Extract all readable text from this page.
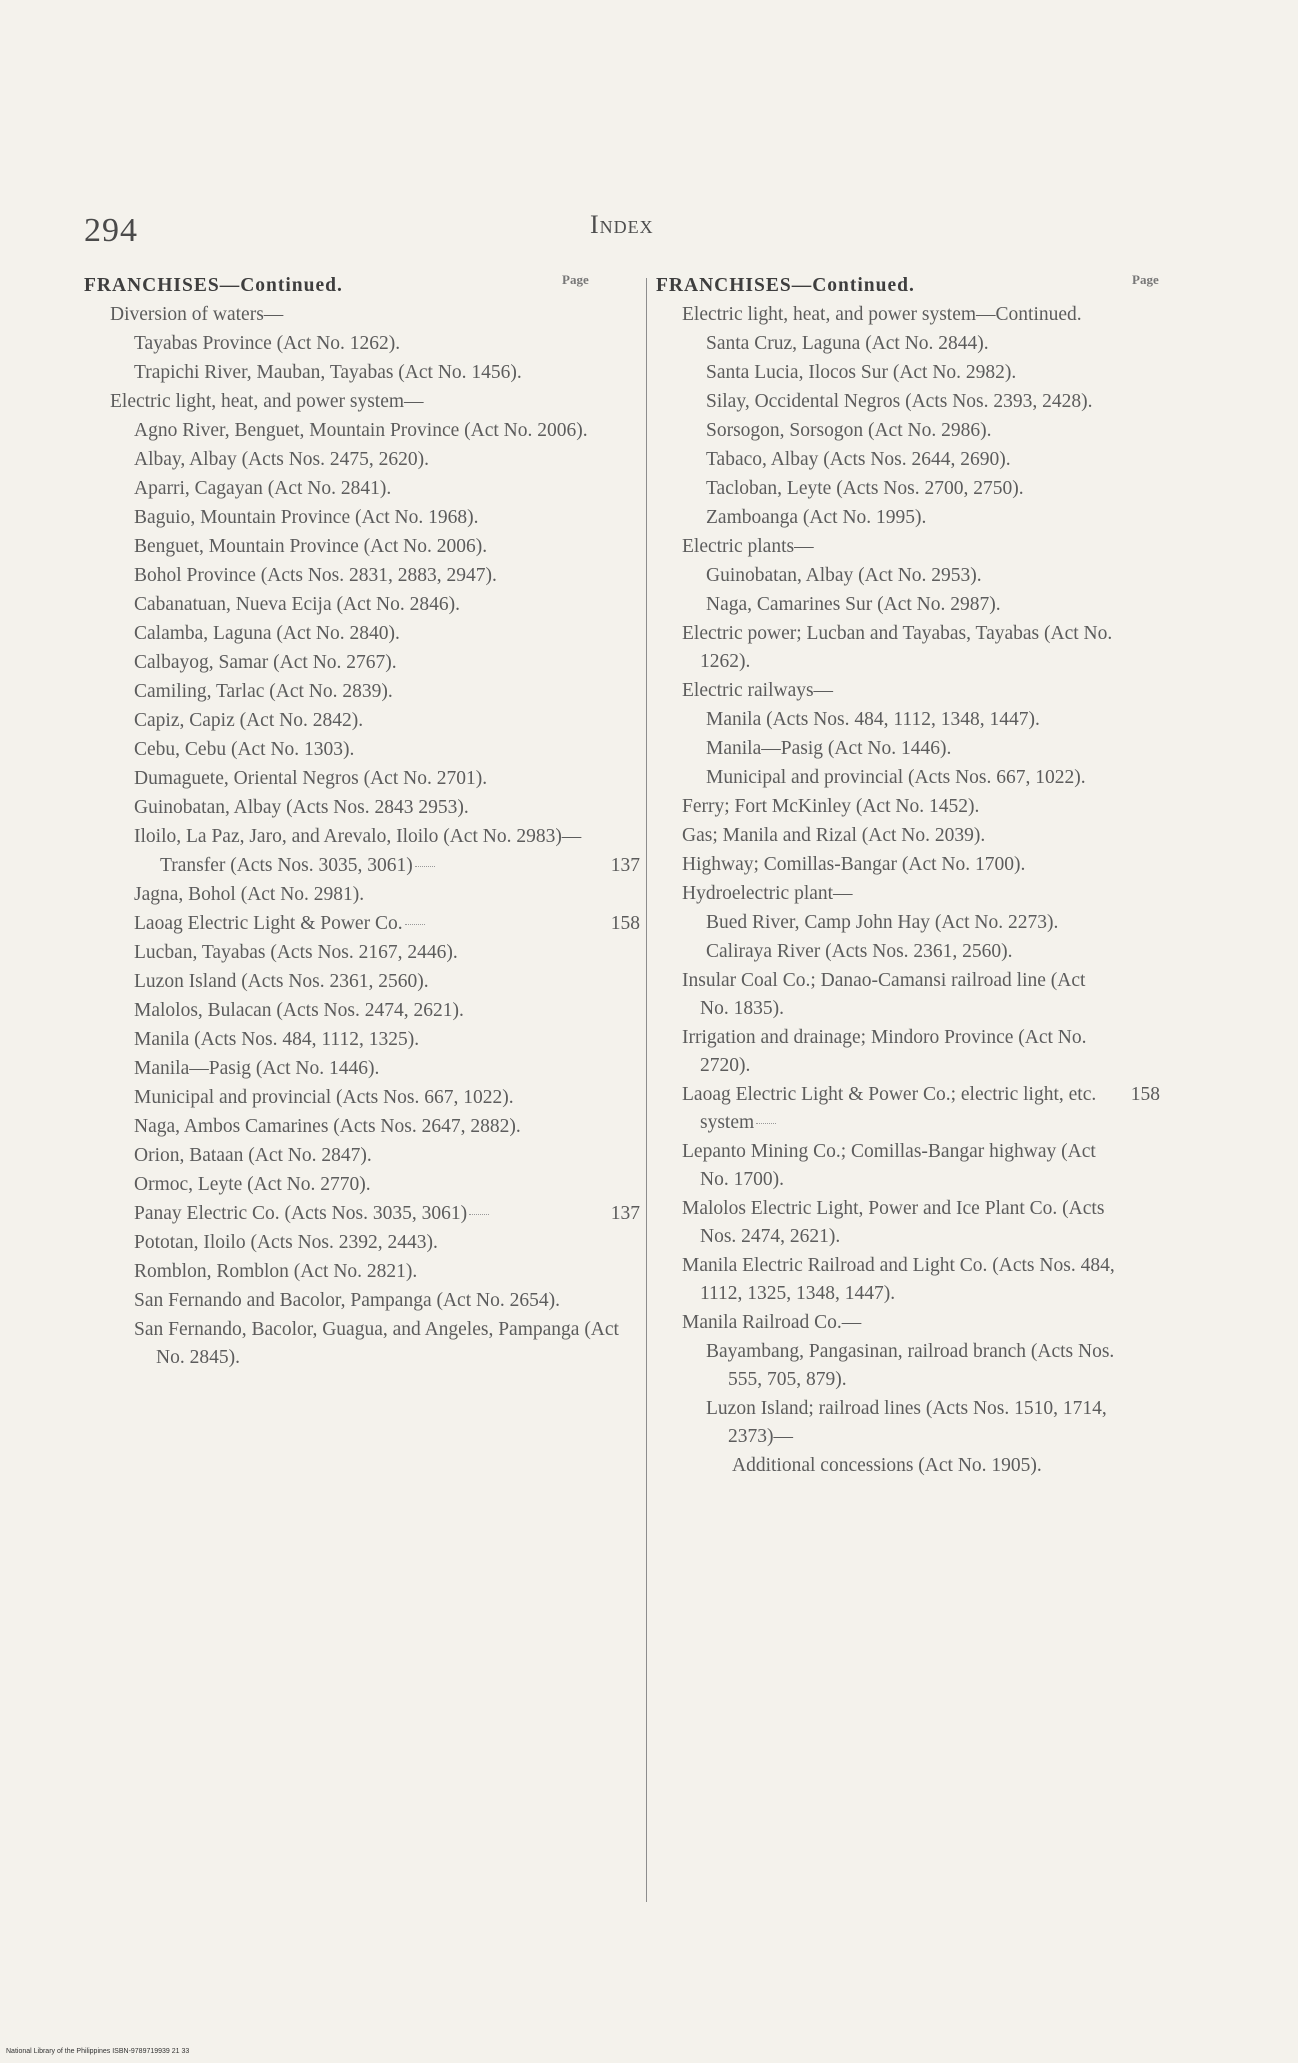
294	Index
Page	Page
FRANCHISES—Continued.
Diversion of waters—
Tayabas Province (Act No. 1262).
Trapichi River, Mauban, Tayabas (Act No. 1456).
Electric light, heat, and power system—
Agno River, Benguet, Mountain Province (Act No. 2006).
Albay, Albay (Acts Nos. 2475, 2620).
Aparri, Cagayan (Act No. 2841).
Baguio, Mountain Province (Act No. 1968).
Benguet, Mountain Province (Act No. 2006).
Bohol Province (Acts Nos. 2831, 2883, 2947).
Cabanatuan, Nueva Ecija (Act No. 2846).
Calamba, Laguna (Act No. 2840).
Calbayog, Samar (Act No. 2767).
Camiling, Tarlac (Act No. 2839).
Capiz, Capiz (Act No. 2842).
Cebu, Cebu (Act No. 1303).
Dumaguete, Oriental Negros (Act No. 2701).
Guinobatan, Albay (Acts Nos. 2843 2953).
Iloilo, La Paz, Jaro, and Arevalo, Iloilo (Act No. 2983)—
137
Transfer (Acts Nos. 3035, 3061)
Jagna, Bohol (Act No. 2981).
158
Laoag Electric Light & Power Co.
Lucban, Tayabas (Acts Nos. 2167, 2446).
Luzon Island (Acts Nos. 2361, 2560).
Malolos, Bulacan (Acts Nos. 2474, 2621).
Manila (Acts Nos. 484, 1112, 1325).
Manila—Pasig (Act No. 1446).
Municipal and provincial (Acts Nos. 667, 1022).
Naga, Ambos Camarines (Acts Nos. 2647, 2882).
Orion, Bataan (Act No. 2847).
Ormoc, Leyte (Act No. 2770).
137
Panay Electric Co. (Acts Nos. 3035, 3061)
Pototan, Iloilo (Acts Nos. 2392, 2443).
Romblon, Romblon (Act No. 2821).
San Fernando and Bacolor, Pampanga (Act No. 2654).
San Fernando, Bacolor, Guagua, and Angeles, Pampanga (Act No. 2845).
FRANCHISES—Continued.
Electric light, heat, and power system—Continued.
Santa Cruz, Laguna (Act No. 2844).
Santa Lucia, Ilocos Sur (Act No. 2982).
Silay, Occidental Negros (Acts Nos. 2393, 2428).
Sorsogon, Sorsogon (Act No. 2986).
Tabaco, Albay (Acts Nos. 2644, 2690).
Tacloban, Leyte (Acts Nos. 2700, 2750).
Zamboanga (Act No. 1995).
Electric plants—
Guinobatan, Albay (Act No. 2953).
Naga, Camarines Sur (Act No. 2987).
Electric power; Lucban and Tayabas, Tayabas (Act No. 1262).
Electric railways—
Manila (Acts Nos. 484, 1112, 1348, 1447).
Manila—Pasig (Act No. 1446).
Municipal and provincial (Acts Nos. 667, 1022).
Ferry; Fort McKinley (Act No. 1452).
Gas; Manila and Rizal (Act No. 2039).
Highway; Comillas-Bangar (Act No. 1700).
Hydroelectric plant—
Bued River, Camp John Hay (Act No. 2273).
Caliraya River (Acts Nos. 2361, 2560).
Insular Coal Co.; Danao-Camansi railroad line (Act No. 1835).
Irrigation and drainage; Mindoro Province (Act No. 2720).
158
Laoag Electric Light & Power Co.; electric light, etc. system
Lepanto Mining Co.; Comillas-Bangar highway (Act No. 1700).
Malolos Electric Light, Power and Ice Plant Co. (Acts Nos. 2474, 2621).
Manila Electric Railroad and Light Co. (Acts Nos. 484, 1112, 1325, 1348, 1447).
Manila Railroad Co.—
Bayambang, Pangasinan, railroad branch (Acts Nos. 555, 705, 879).
Luzon Island; railroad lines (Acts Nos. 1510, 1714, 2373)—
Additional concessions (Act No. 1905).
National Library of the Philippines ISBN-9789719939 21 33
